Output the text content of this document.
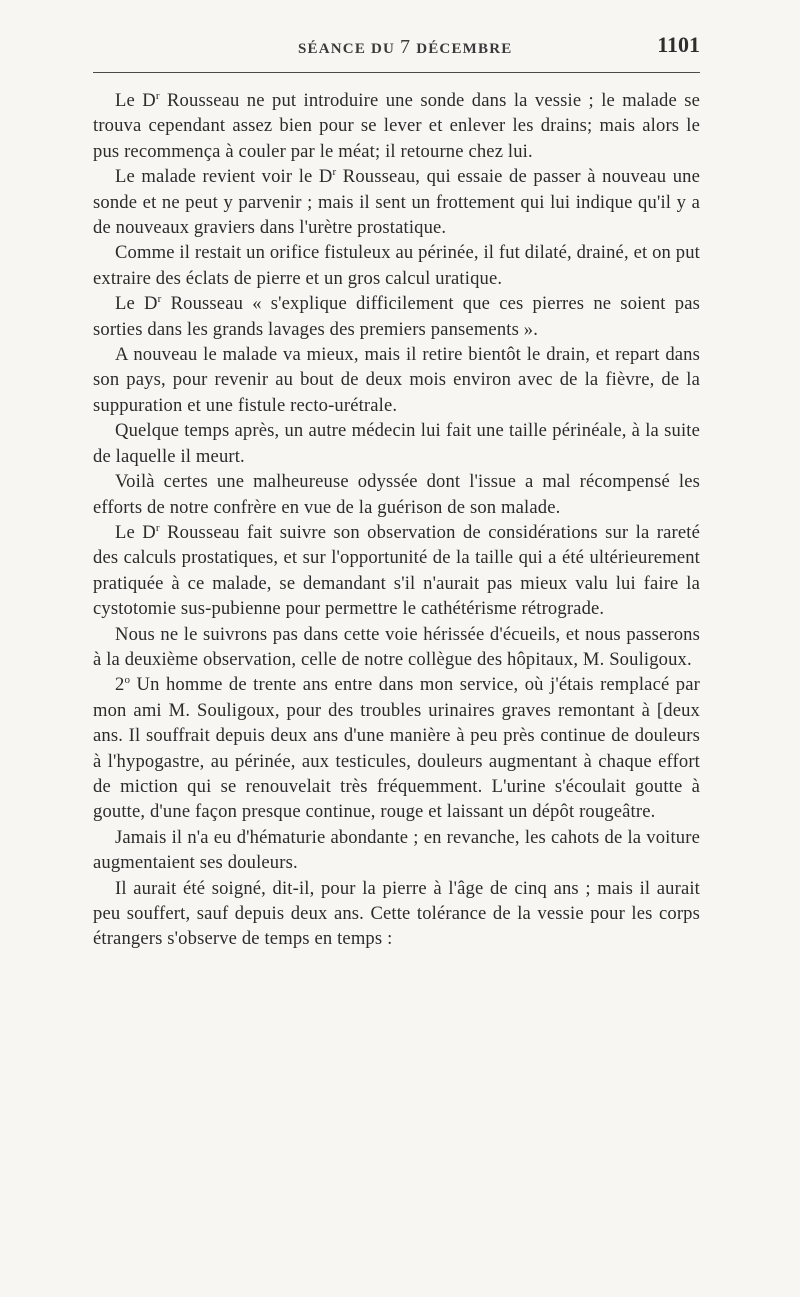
SÉANCE DU 7 DÉCEMBRE	1101

Le $D^r$ Rousseau ne put introduire une sonde dans la vessie ; le malade se trouva cependant assez bien pour se lever et enlever les drains; mais alors le pus recommença à couler par le méat; il retourne chez lui.

Le malade revient voir le $D^r$ Rousseau, qui essaie de passer à nouveau une sonde et ne peut y parvenir ; mais il sent un frottement qui lui indique qu'il y a de nouveaux graviers dans l'urètre prostatique.

Comme il restait un orifice fistuleux au périnée, il fut dilaté, drainé, et on put extraire des éclats de pierre et un gros calcul uratique.

Le $D^r$ Rousseau « s'explique difficilement que ces pierres ne soient pas sorties dans les grands lavages des premiers pansements ».

A nouveau le malade va mieux, mais il retire bientôt le drain, et repart dans son pays, pour revenir au bout de deux mois environ avec de la fièvre, de la suppuration et une fistule recto-urétrale.

Quelque temps après, un autre médecin lui fait une taille périnéale, à la suite de laquelle il meurt.

Voilà certes une malheureuse odyssée dont l'issue a mal récompensé les efforts de notre confrère en vue de la guérison de son malade.

Le $D^r$ Rousseau fait suivre son observation de considérations sur la rareté des calculs prostatiques, et sur l'opportunité de la taille qui a été ultérieurement pratiquée à ce malade, se demandant s'il n'aurait pas mieux valu lui faire la cystotomie sus-pubienne pour permettre le cathétérisme rétrograde.

Nous ne le suivrons pas dans cette voie hérissée d'écueils, et nous passerons à la deuxième observation, celle de notre collègue des hôpitaux, M. Souligoux.

2$^o$ Un homme de trente ans entre dans mon service, où j'étais remplacé par mon ami M. Souligoux, pour des troubles urinaires graves remontant à [deux ans. Il souffrait depuis deux ans d'une manière à peu près continue de douleurs à l'hypogastre, au périnée, aux testicules, douleurs augmentant à chaque effort de miction qui se renouvelait très fréquemment. L'urine s'écoulait goutte à goutte, d'une façon presque continue, rouge et laissant un dépôt rougeâtre.

Jamais il n'a eu d'hématurie abondante ; en revanche, les cahots de la voiture augmentaient ses douleurs.

Il aurait été soigné, dit-il, pour la pierre à l'âge de cinq ans ; mais il aurait peu souffert, sauf depuis deux ans. Cette tolérance de la vessie pour les corps étrangers s'observe de temps en temps :
